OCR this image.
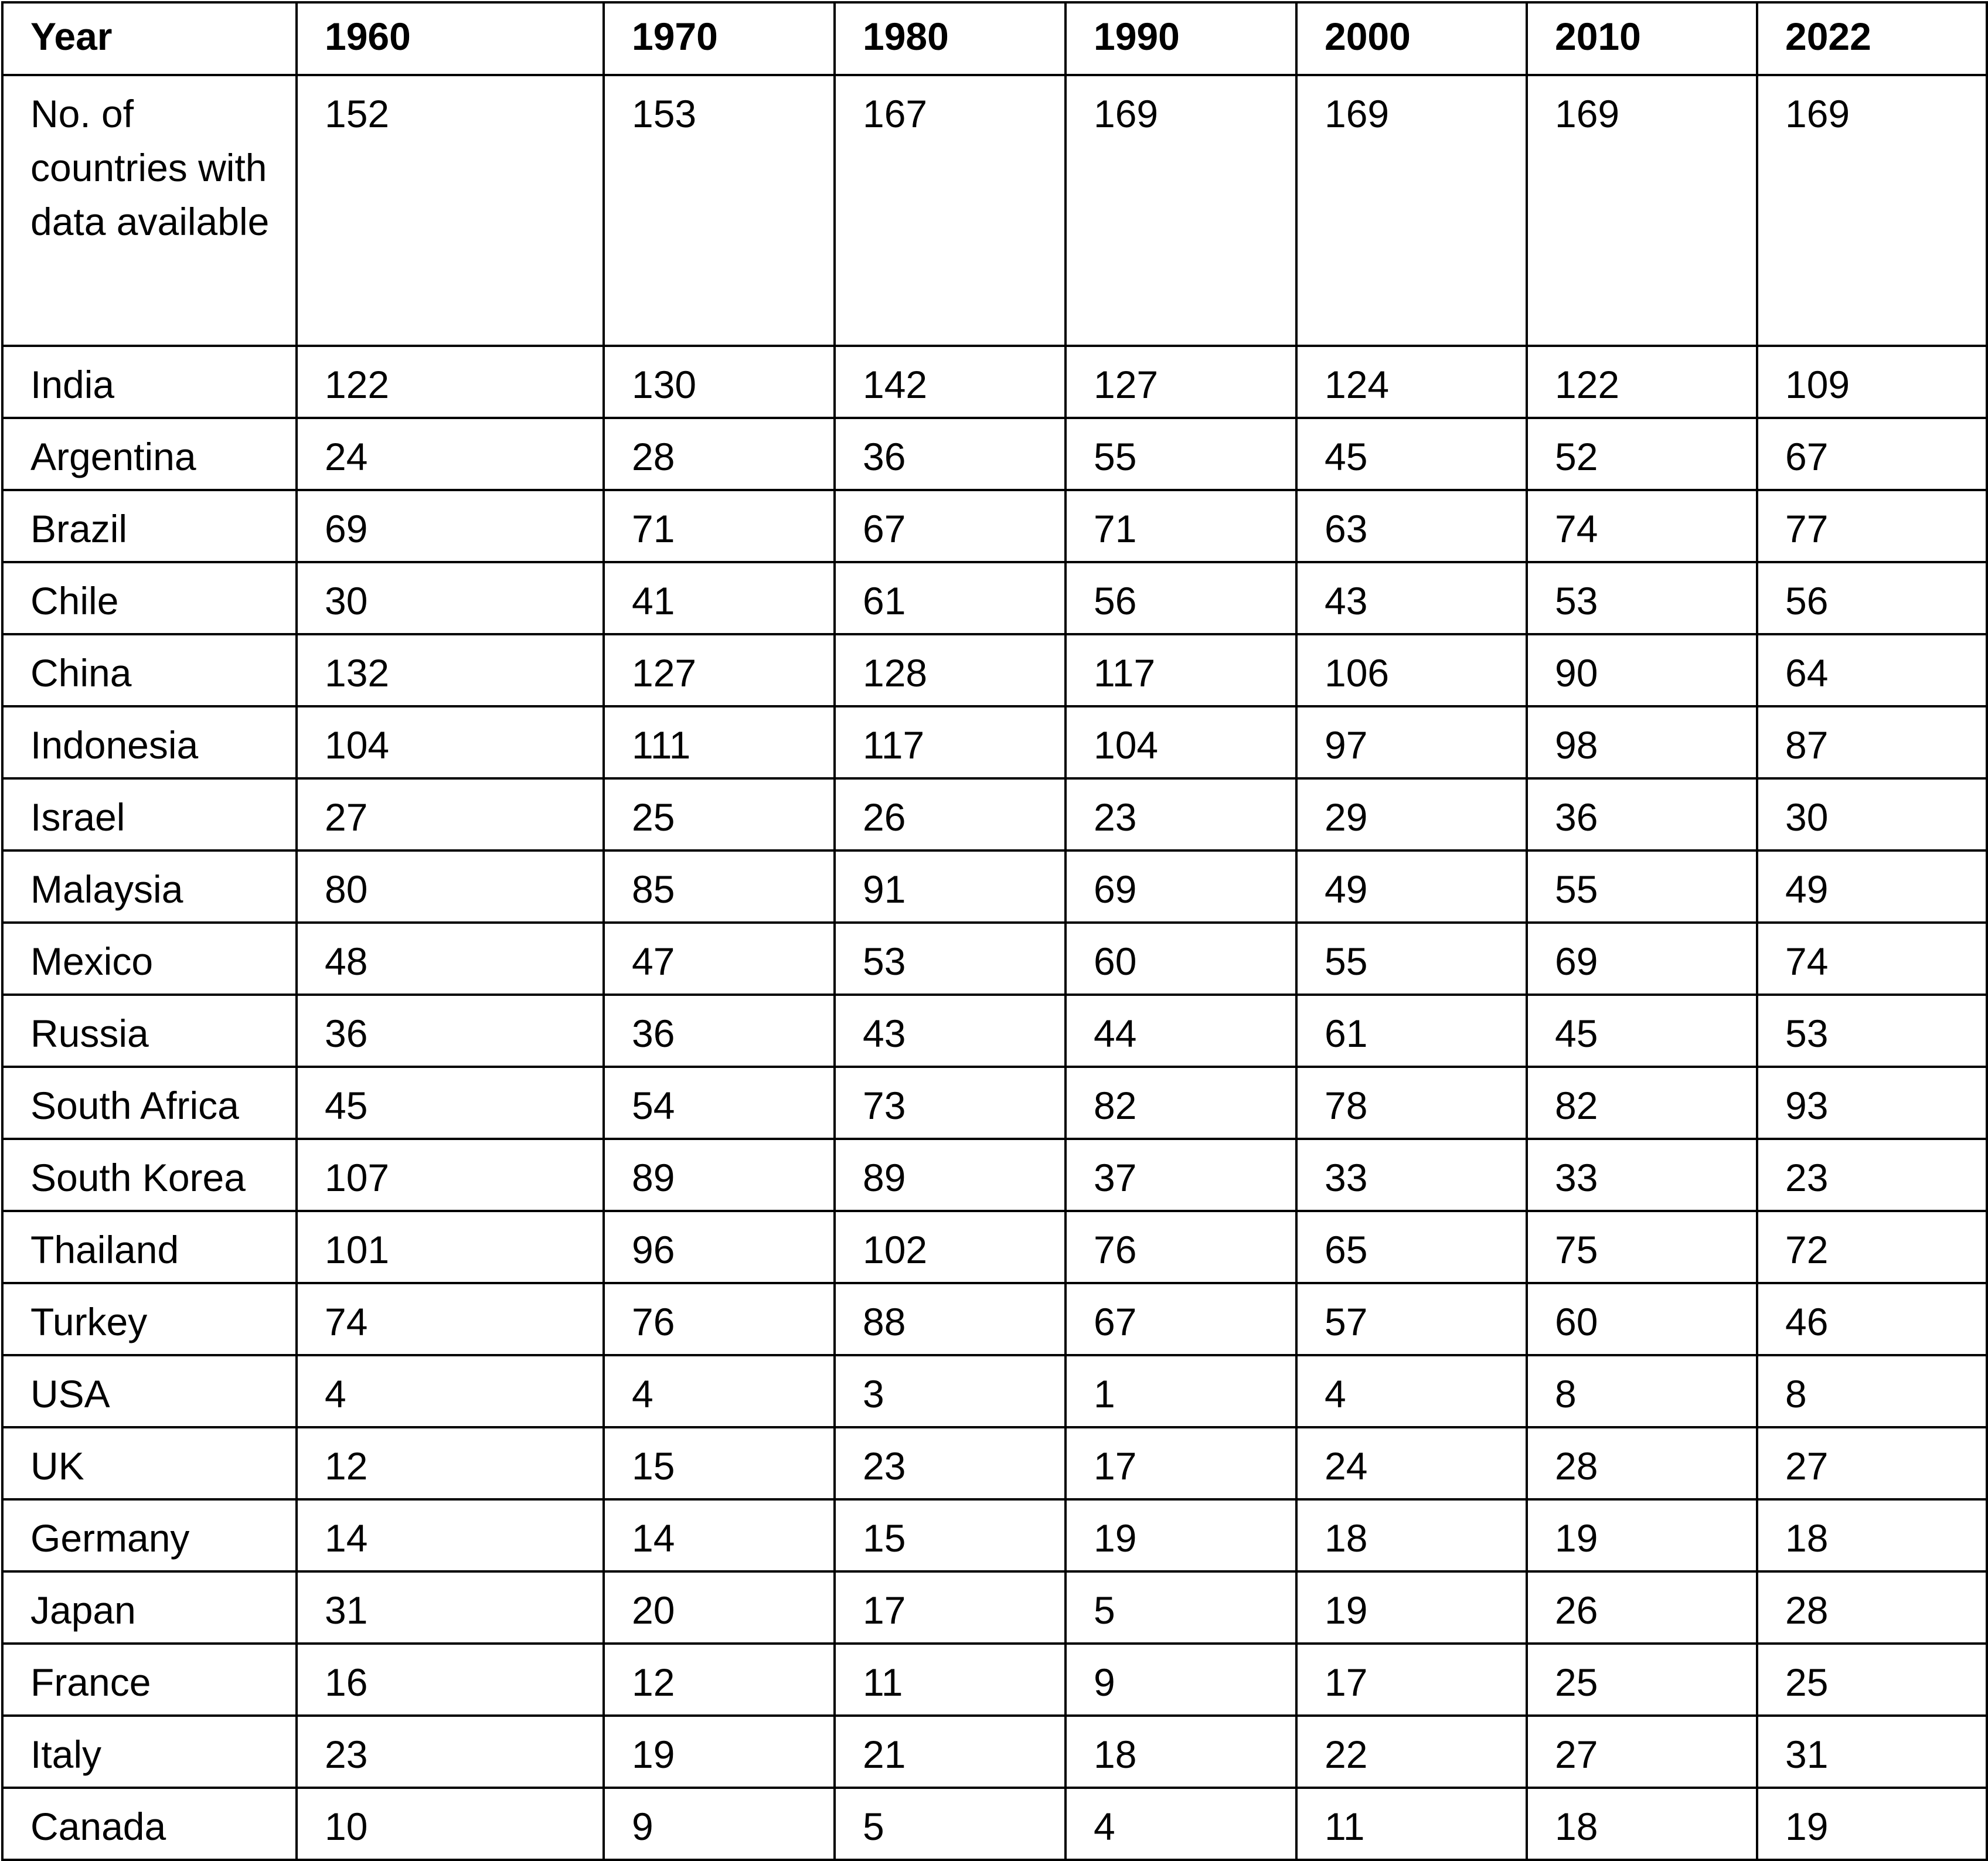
Year	1960	1970	1980	1990	2000	2010	2022
No. of countries with data available	152	153	167	169	169	169	169
India	122	130	142	127	124	122	109
Argentina	24	28	36	55	45	52	67
Brazil	69	71	67	71	63	74	77
Chile	30	41	61	56	43	53	56
China	132	127	128	117	106	90	64
Indonesia	104	111	117	104	97	98	87
Israel	27	25	26	23	29	36	30
Malaysia	80	85	91	69	49	55	49
Mexico	48	47	53	60	55	69	74
Russia	36	36	43	44	61	45	53
South Africa	45	54	73	82	78	82	93
South Korea	107	89	89	37	33	33	23
Thailand	101	96	102	76	65	75	72
Turkey	74	76	88	67	57	60	46
USA	4	4	3	1	4	8	8
UK	12	15	23	17	24	28	27
Germany	14	14	15	19	18	19	18
Japan	31	20	17	5	19	26	28
France	16	12	11	9	17	25	25
Italy	23	19	21	18	22	27	31
Canada	10	9	5	4	11	18	19
